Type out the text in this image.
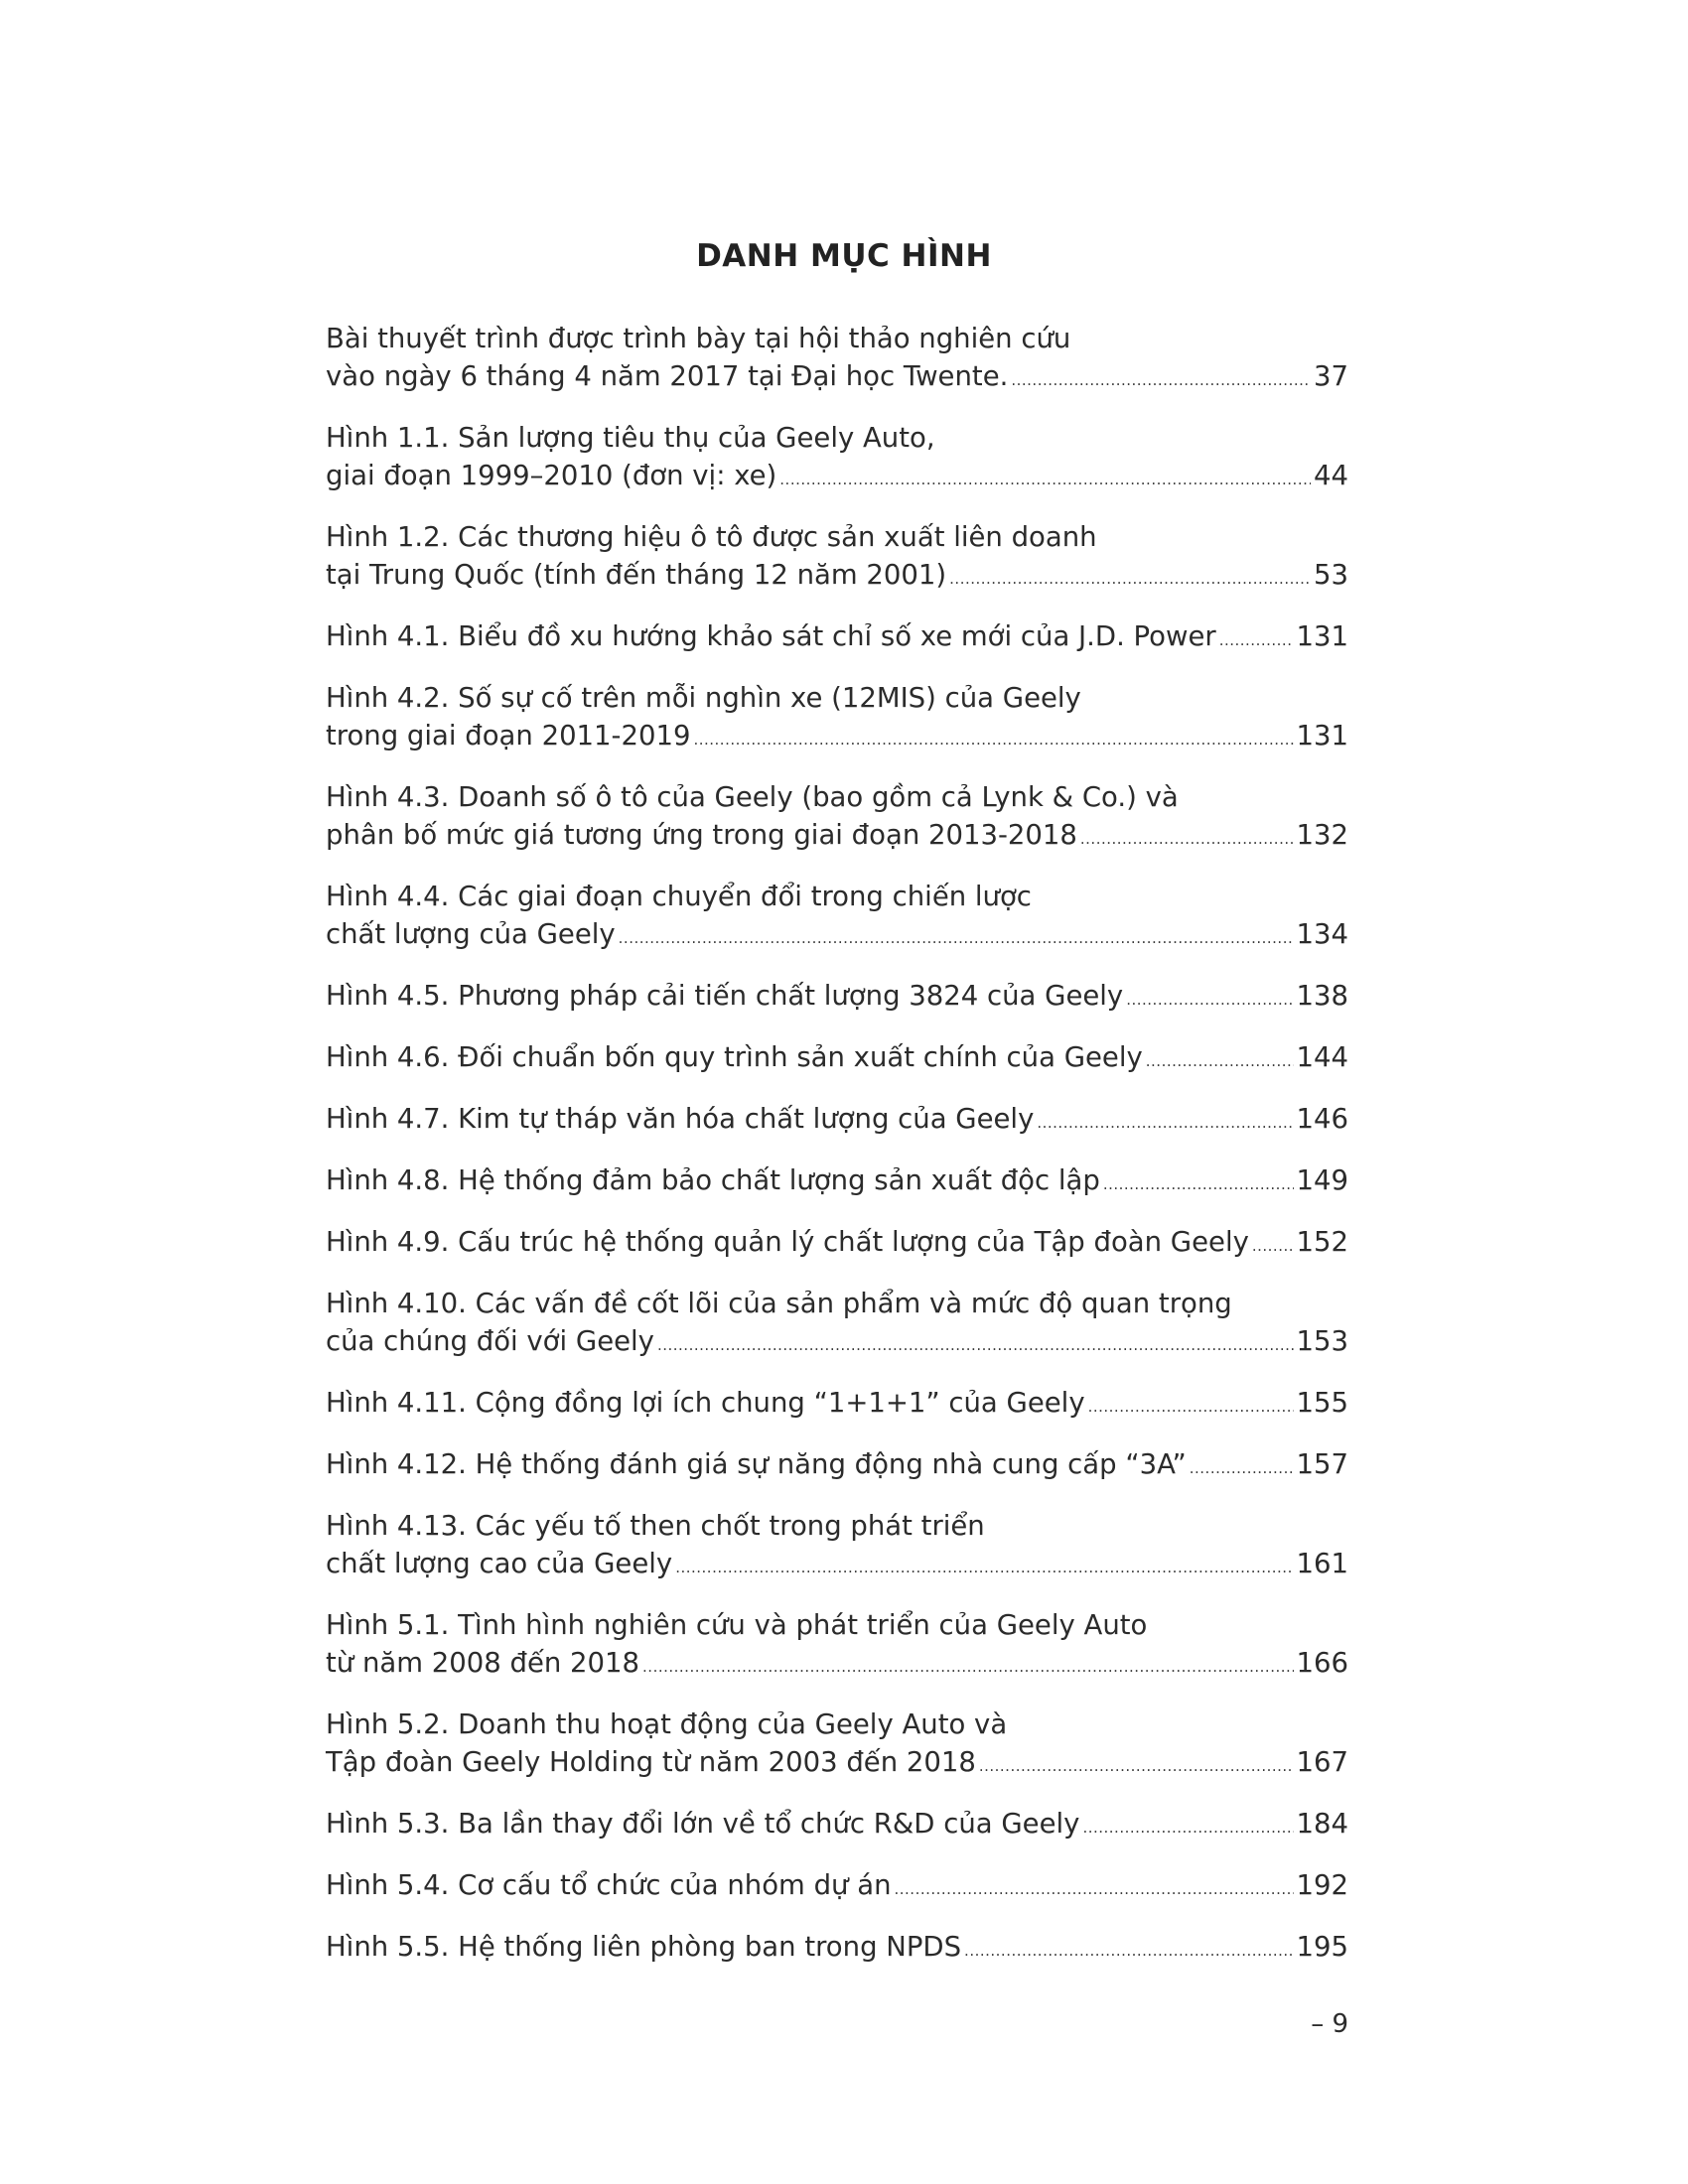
DANH MỤC HÌNH
Bài thuyết trình được trình bày tại hội thảo nghiên cứu
vào ngày 6 tháng 4 năm 2017 tại Đại học Twente. .....	37
Hình 1.1. Sản lượng tiêu thụ của Geely Auto,
giai đoạn 1999–2010 (đơn vị: xe) .....	44
Hình 1.2. Các thương hiệu ô tô được sản xuất liên doanh
tại Trung Quốc (tính đến tháng 12 năm 2001) .....	53
Hình 4.1. Biểu đồ xu hướng khảo sát chỉ số xe mới của J.D. Power .....	131
Hình 4.2. Số sự cố trên mỗi nghìn xe (12MIS) của Geely
trong giai đoạn 2011-2019 .....	131
Hình 4.3. Doanh số ô tô của Geely (bao gồm cả Lynk & Co.) và
phân bố mức giá tương ứng trong giai đoạn 2013-2018 .....	132
Hình 4.4. Các giai đoạn chuyển đổi trong chiến lược
chất lượng của Geely .....	134
Hình 4.5. Phương pháp cải tiến chất lượng 3824 của Geely .....	138
Hình 4.6. Đối chuẩn bốn quy trình sản xuất chính của Geely .....	144
Hình 4.7. Kim tự tháp văn hóa chất lượng của Geely .....	146
Hình 4.8. Hệ thống đảm bảo chất lượng sản xuất độc lập .....	149
Hình 4.9. Cấu trúc hệ thống quản lý chất lượng của Tập đoàn Geely ..... 152
Hình 4.10. Các vấn đề cốt lõi của sản phẩm và mức độ quan trọng
của chúng đối với Geely .....	153
Hình 4.11. Cộng đồng lợi ích chung “1+1+1” của Geely .....	155
Hình 4.12. Hệ thống đánh giá sự năng động nhà cung cấp “3A” .....	157
Hình 4.13. Các yếu tố then chốt trong phát triển
chất lượng cao của Geely .....	161
Hình 5.1. Tình hình nghiên cứu và phát triển của Geely Auto
từ năm 2008 đến 2018 .....	166
Hình 5.2. Doanh thu hoạt động của Geely Auto và
Tập đoàn Geely Holding từ năm 2003 đến 2018 .....	167
Hình 5.3. Ba lần thay đổi lớn về tổ chức R&D của Geely .....	184
Hình 5.4. Cơ cấu tổ chức của nhóm dự án .....	192
Hình 5.5. Hệ thống liên phòng ban trong NPDS .....	195
– 9
